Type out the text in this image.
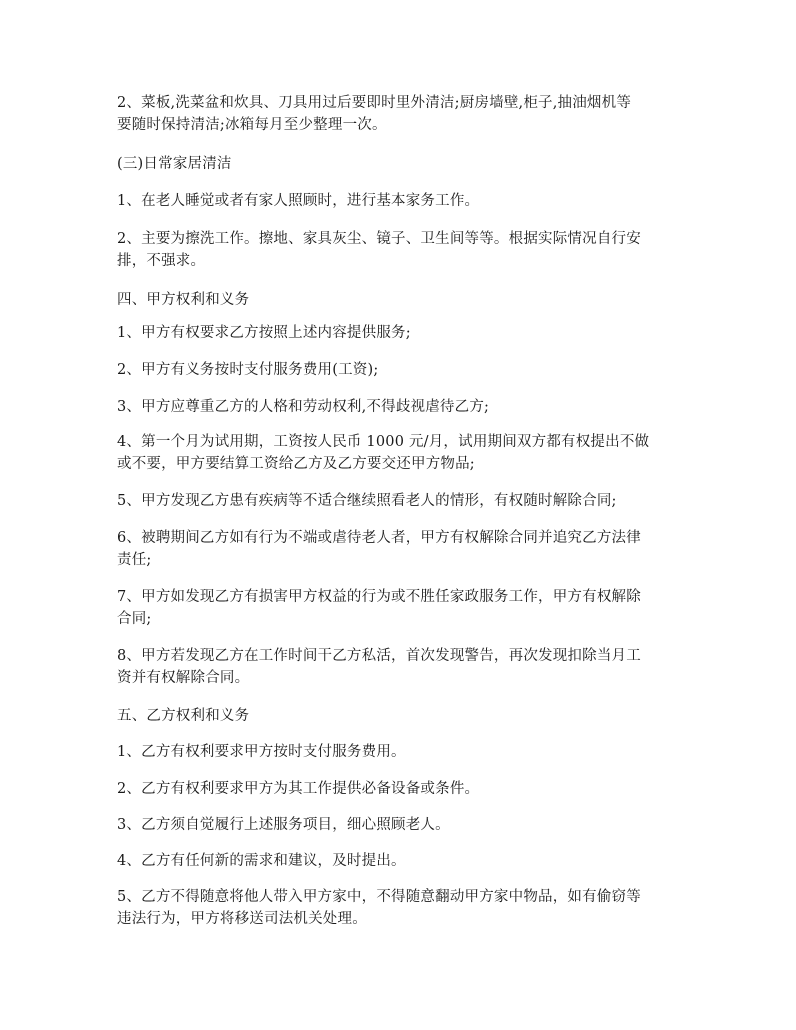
2、菜板,洗菜盆和炊具、刀具用过后要即时里外清洁;厨房墙壁,柜子,抽油烟机等
要随时保持清洁;冰箱每月至少整理一次。

(三)日常家居清洁

1、在老人睡觉或者有家人照顾时，进行基本家务工作。

2、主要为擦洗工作。擦地、家具灰尘、镜子、卫生间等等。根据实际情况自行安
排，不强求。

四、甲方权利和义务

1、甲方有权要求乙方按照上述内容提供服务;

2、甲方有义务按时支付服务费用(工资);

3、甲方应尊重乙方的人格和劳动权利,不得歧视虐待乙方;

4、第一个月为试用期，工资按人民币 1000 元/月，试用期间双方都有权提出不做
或不要，甲方要结算工资给乙方及乙方要交还甲方物品;

5、甲方发现乙方患有疾病等不适合继续照看老人的情形，有权随时解除合同;

6、被聘期间乙方如有行为不端或虐待老人者，甲方有权解除合同并追究乙方法律
责任;

7、甲方如发现乙方有损害甲方权益的行为或不胜任家政服务工作，甲方有权解除
合同;

8、甲方若发现乙方在工作时间干乙方私活，首次发现警告，再次发现扣除当月工
资并有权解除合同。

五、乙方权利和义务

1、乙方有权利要求甲方按时支付服务费用。

2、乙方有权利要求甲方为其工作提供必备设备或条件。

3、乙方须自觉履行上述服务项目，细心照顾老人。

4、乙方有任何新的需求和建议，及时提出。

5、乙方不得随意将他人带入甲方家中，不得随意翻动甲方家中物品，如有偷窃等
违法行为，甲方将移送司法机关处理。
